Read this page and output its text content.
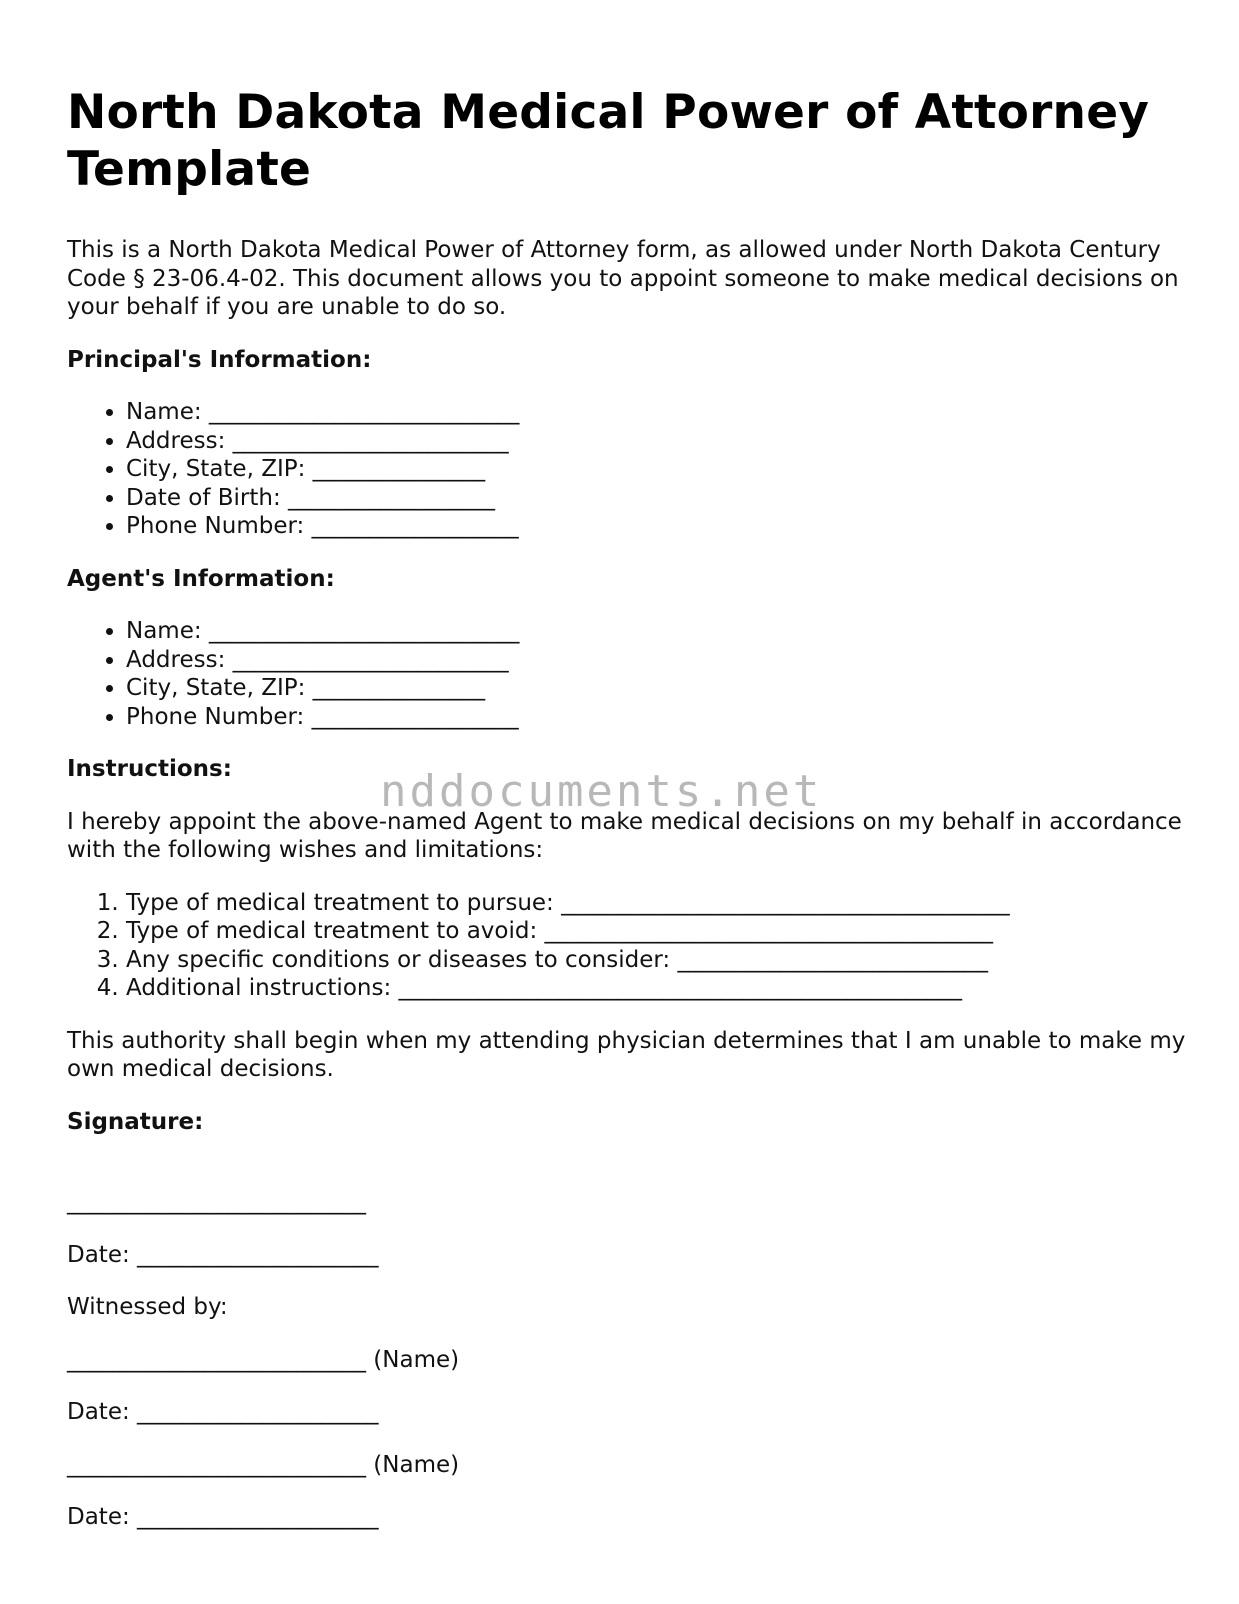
North Dakota Medical Power of Attorney Template

This is a North Dakota Medical Power of Attorney form, as allowed under North Dakota Century Code § 23-06.4-02. This document allows you to appoint someone to make medical decisions on your behalf if you are unable to do so.

Principal's Information:
• Name: ___________________________
• Address: ________________________
• City, State, ZIP: _______________
• Date of Birth: __________________
• Phone Number: __________________
Agent's Information:
• Name: ___________________________
• Address: ________________________
• City, State, ZIP: _______________
• Phone Number: __________________
Instructions:

I hereby appoint the above-named Agent to make medical decisions on my behalf in accordance with the following wishes and limitations:

1. Type of medical treatment to pursue: _______________________________________
2. Type of medical treatment to avoid: _______________________________________
3. Any specific conditions or diseases to consider: ___________________________
4. Additional instructions: _________________________________________________

This authority shall begin when my attending physician determines that I am unable to make my own medical decisions.

Signature:
__________________________
Date: _____________________
Witnessed by:
__________________________ (Name)
Date: _____________________
__________________________ (Name)
Date: _____________________
nddocuments.net
